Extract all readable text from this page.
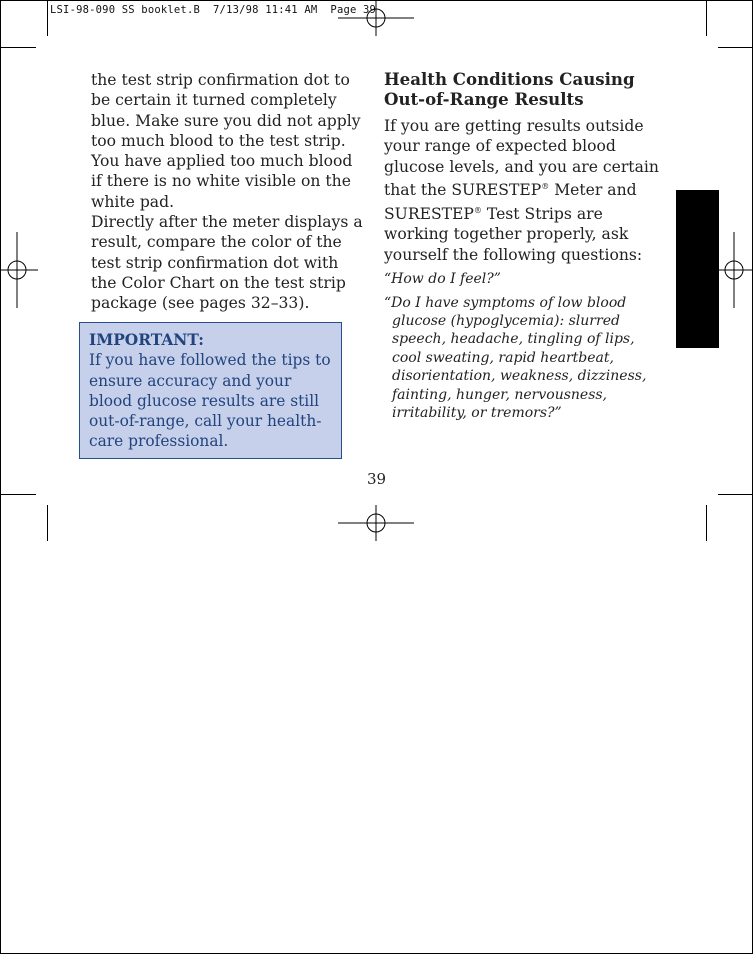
LSI-98-090 SS booklet.B  7/13/98 11:41 AM  Page 39

the test strip confirmation dot to be certain it turned completely blue. Make sure you did not apply too much blood to the test strip. You have applied too much blood if there is no white visible on the white pad.

Directly after the meter displays a result, compare the color of the test strip confirmation dot with the Color Chart on the test strip package (see pages 32–33).

IMPORTANT:

If you have followed the tips to ensure accuracy and your blood glucose results are still out-of-range, call your health-care professional.

Health Conditions Causing
Out-of-Range Results

If you are getting results outside your range of expected blood glucose levels, and you are certain that the SURESTEP® Meter and SURESTEP® Test Strips are working together properly, ask yourself the following questions:

“How do I feel?”

“Do I have symptoms of low blood glucose (hypoglycemia): slurred speech, headache, tingling of lips, cool sweating, rapid heartbeat, disorientation, weakness, dizziness, fainting, hunger, nervousness, irritability, or tremors?”

39
